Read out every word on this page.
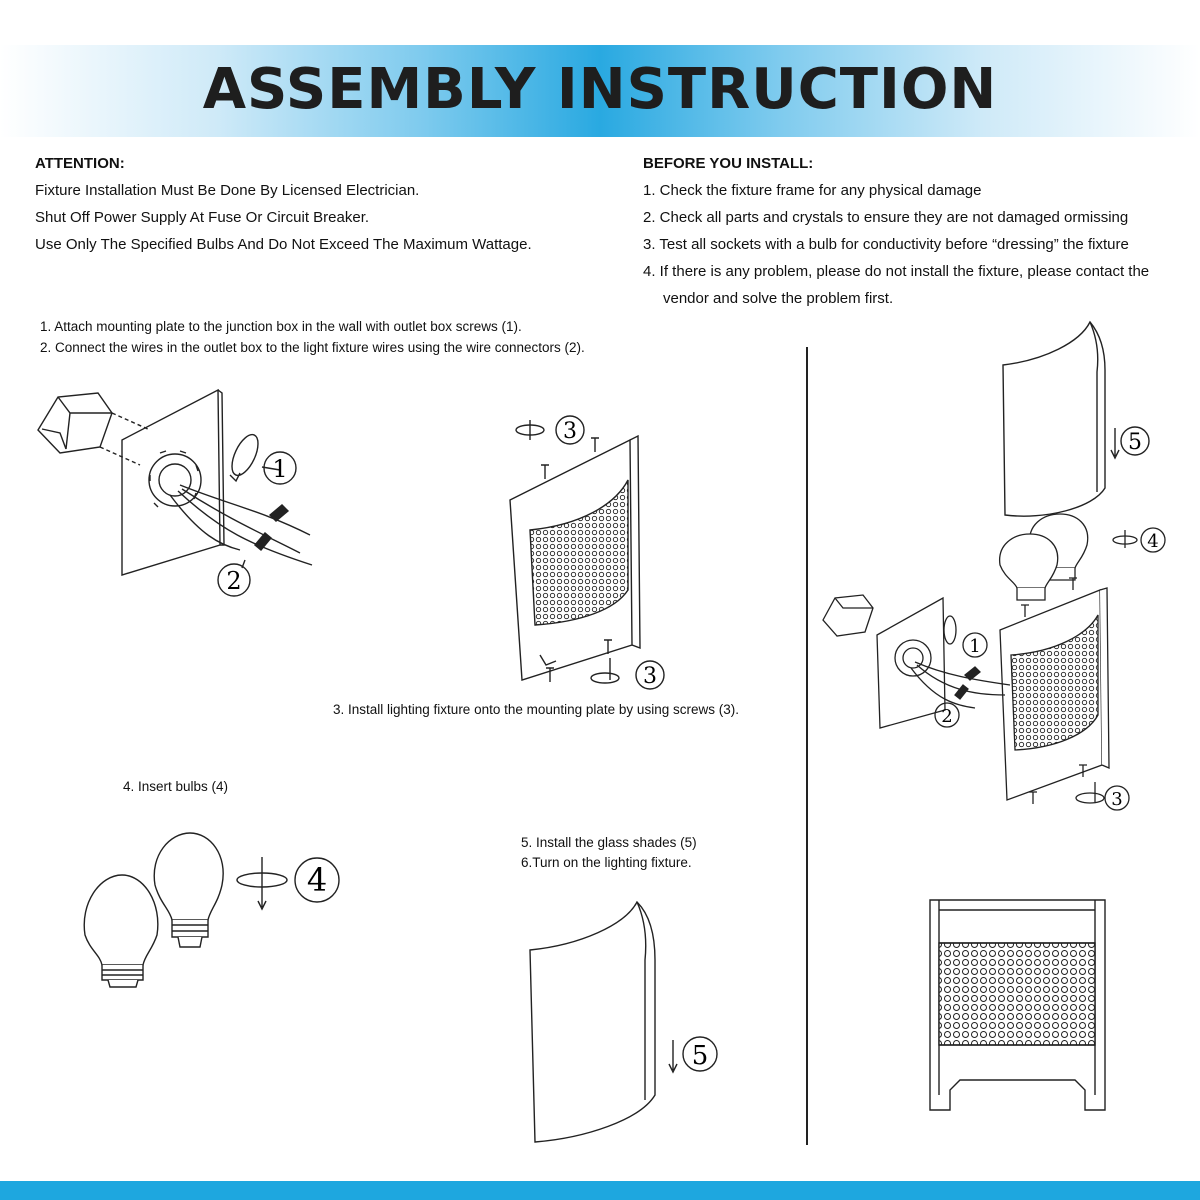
ASSEMBLY INSTRUCTION
ATTENTION:
Fixture Installation Must Be Done By Licensed Electrician.
Shut Off Power Supply At Fuse Or Circuit Breaker.
Use Only The Specified Bulbs And Do Not Exceed The Maximum Wattage.
BEFORE YOU INSTALL:
1. Check the fixture frame for any physical damage
2. Check all parts and crystals to ensure they are not damaged ormissing
3. Test all sockets with a bulb for conductivity before “dressing” the fixture
4. If there is any problem, please do not install the fixture, please contact the
vendor and solve the problem first.
1. Attach mounting plate to the junction box in the wall with outlet box screws (1).
2. Connect the wires in the outlet box to the light fixture wires using the wire connectors (2).
3. Install lighting fixture onto the mounting plate by using screws (3).
4. Insert bulbs (4)
5. Install the glass shades (5)
6.Turn on the lighting fixture.
1
2
3
3
4
5
5
4
1
2
3
